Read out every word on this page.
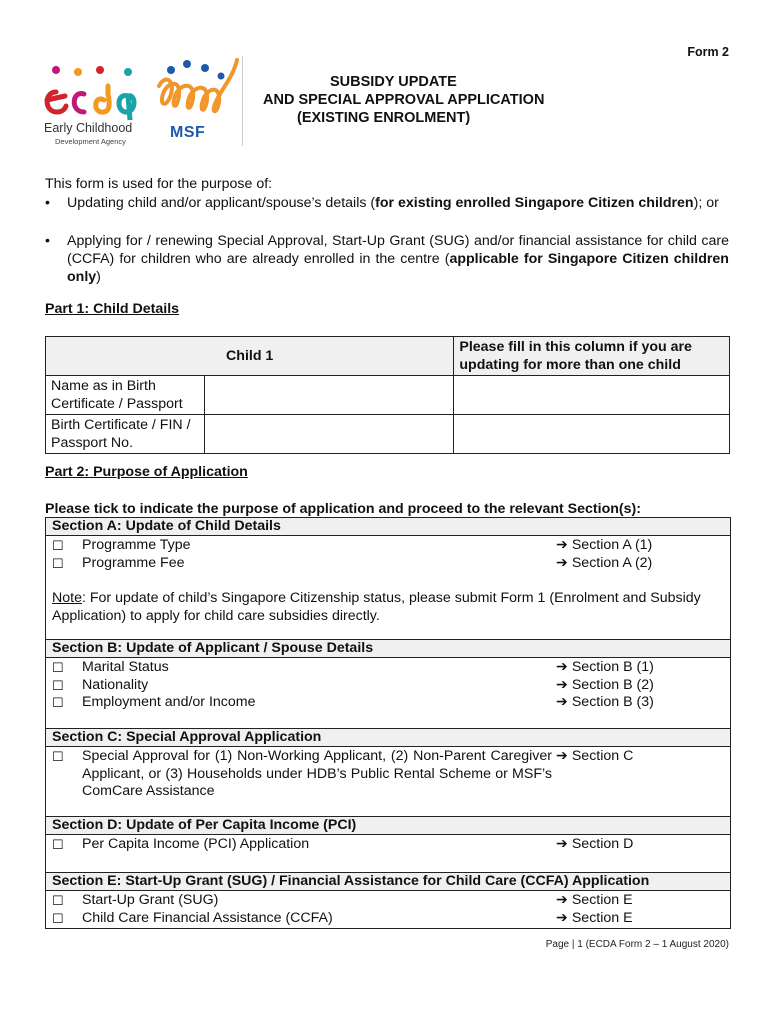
Form 2
Early Childhood
Development Agency
MSF
SUBSIDY UPDATE
AND SPECIAL APPROVAL APPLICATION
(EXISTING ENROLMENT)
This form is used for the purpose of:
•	Updating child and/or applicant/spouse’s details (for existing enrolled Singapore Citizen children); or
•	Applying for / renewing Special Approval, Start-Up Grant (SUG) and/or financial assistance for child care (CCFA) for children who are already enrolled in the centre (applicable for Singapore Citizen children only)
Part 1: Child Details
Child 1		Please fill in this column if you are updating for more than one child
Name as in Birth Certificate / Passport		
Birth Certificate / FIN / Passport No.		
Part 2: Purpose of Application
Please tick to indicate the purpose of application and proceed to the relevant Section(s):
Section A: Update of Child Details
☐	Programme Type	➔ Section A (1)
☐	Programme Fee	➔ Section A (2)
Note: For update of child’s Singapore Citizenship status, please submit Form 1 (Enrolment and Subsidy Application) to apply for child care subsidies directly.
Section B: Update of Applicant / Spouse Details
☐	Marital Status	➔ Section B (1)
☐	Nationality	➔ Section B (2)
☐	Employment and/or Income	➔ Section B (3)
Section C: Special Approval Application
☐	Special Approval for (1) Non-Working Applicant, (2) Non-Parent Caregiver Applicant, or (3) Households under HDB’s Public Rental Scheme or MSF’s ComCare Assistance
➔ Section C
Section D: Update of Per Capita Income (PCI)
☐	Per Capita Income (PCI) Application	➔ Section D
Section E: Start-Up Grant (SUG) / Financial Assistance for Child Care (CCFA) Application
☐	Start-Up Grant (SUG)	➔ Section E
☐	Child Care Financial Assistance (CCFA)	➔ Section E
Page | 1 (ECDA Form 2 – 1 August 2020)
